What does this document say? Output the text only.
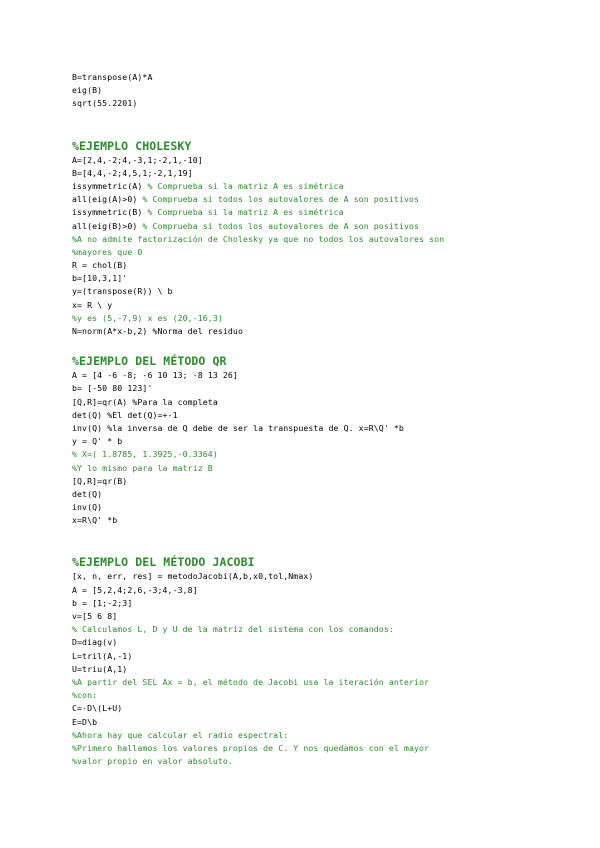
B=transpose(A)*A
eig(B)
sqrt(55.2201)
%EJEMPLO CHOLESKY
A=[2,4,-2;4,-3,1;-2,1,-10]
B=[4,4,-2;4,5,1;-2,1,19]
issymmetric(A) % Comprueba si la matriz A es simétrica
all(eig(A)>0) % Comprueba si todos los autovalores de A son positivos
issymmetric(B) % Comprueba si la matriz A es simétrica
all(eig(B)>0) % Comprueba si todos los autovalores de A son positivos
%A no admite factorización de Cholesky ya que no todos los autovalores son
%mayores que 0
R = chol(B)
b=[10,3,1]'
y=(transpose(R)) \ b
x= R \ y
%y es (5,-7,9) x es (20,-16,3)
N=norm(A*x-b,2) %Norma del residuo
%EJEMPLO DEL MÉTODO QR
A = [4 -6 -8; -6 10 13; -8 13 26]
b= [-50 80 123]'
[Q,R]=qr(A) %Para la completa
det(Q) %El det(Q)=+-1
inv(Q) %la inversa de Q debe de ser la transpuesta de Q. x=R\Q' *b
y = Q' * b
% X=( 1.8785, 1.3925,-0.3364)
%Y lo mismo para la matriz B
[Q,R]=qr(B)
det(Q)
inv(Q)
x=R\Q' *b
%EJEMPLO DEL MÉTODO JACOBI
[x, n, err, res] = metodoJacobi(A,b,x0,tol,Nmax)
A = [5,2,4;2,6,-3;4,-3,8]
b = [1;-2;3]
v=[5 6 8]
% Calculamos L, D y U de la matriz del sistema con los comandos:
D=diag(v)
L=tril(A,-1)
U=triu(A,1)
%A partir del SEL Ax = b, el método de Jacobi usa la iteración anterior
%con:
C=-D\(L+U)
E=D\b
%Ahora hay que calcular el radio espectral:
%Primero hallamos los valores propios de C. Y nos quedamos con el mayor
%valor propio en valor absoluto.
